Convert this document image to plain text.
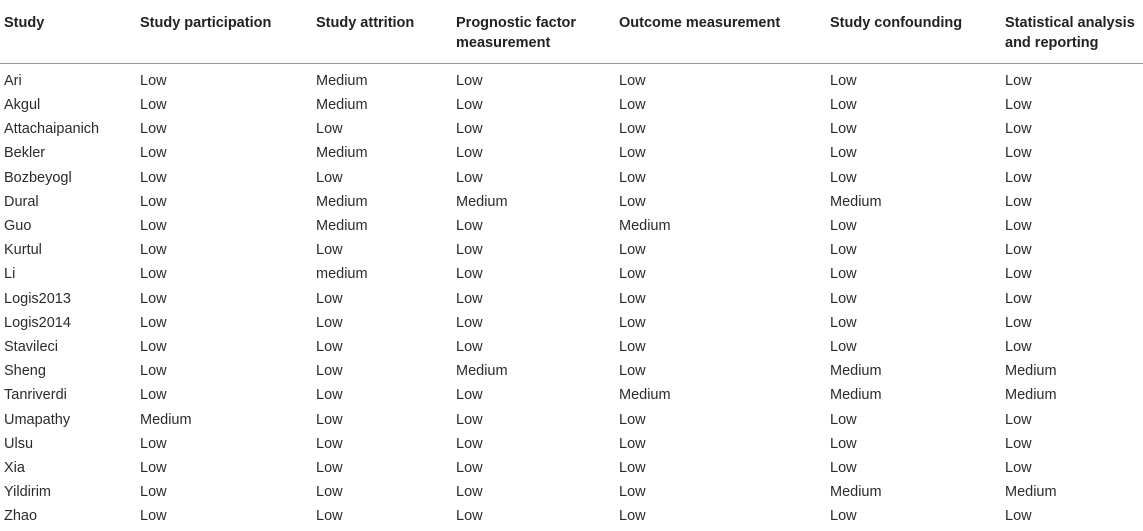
Study	Study participation	Study attrition	Prognostic factor measurement	Outcome measurement	Study confounding	Statistical analysis and reporting
Ari	Low	Medium	Low	Low	Low	Low
Akgul	Low	Medium	Low	Low	Low	Low
Attachaipanich	Low	Low	Low	Low	Low	Low
Bekler	Low	Medium	Low	Low	Low	Low
Bozbeyogl	Low	Low	Low	Low	Low	Low
Dural	Low	Medium	Medium	Low	Medium	Low
Guo	Low	Medium	Low	Medium	Low	Low
Kurtul	Low	Low	Low	Low	Low	Low
Li	Low	medium	Low	Low	Low	Low
Logis2013	Low	Low	Low	Low	Low	Low
Logis2014	Low	Low	Low	Low	Low	Low
Stavileci	Low	Low	Low	Low	Low	Low
Sheng	Low	Low	Medium	Low	Medium	Medium
Tanriverdi	Low	Low	Low	Medium	Medium	Medium
Umapathy	Medium	Low	Low	Low	Low	Low
Ulsu	Low	Low	Low	Low	Low	Low
Xia	Low	Low	Low	Low	Low	Low
Yildirim	Low	Low	Low	Low	Medium	Medium
Zhao	Low	Low	Low	Low	Low	Low
